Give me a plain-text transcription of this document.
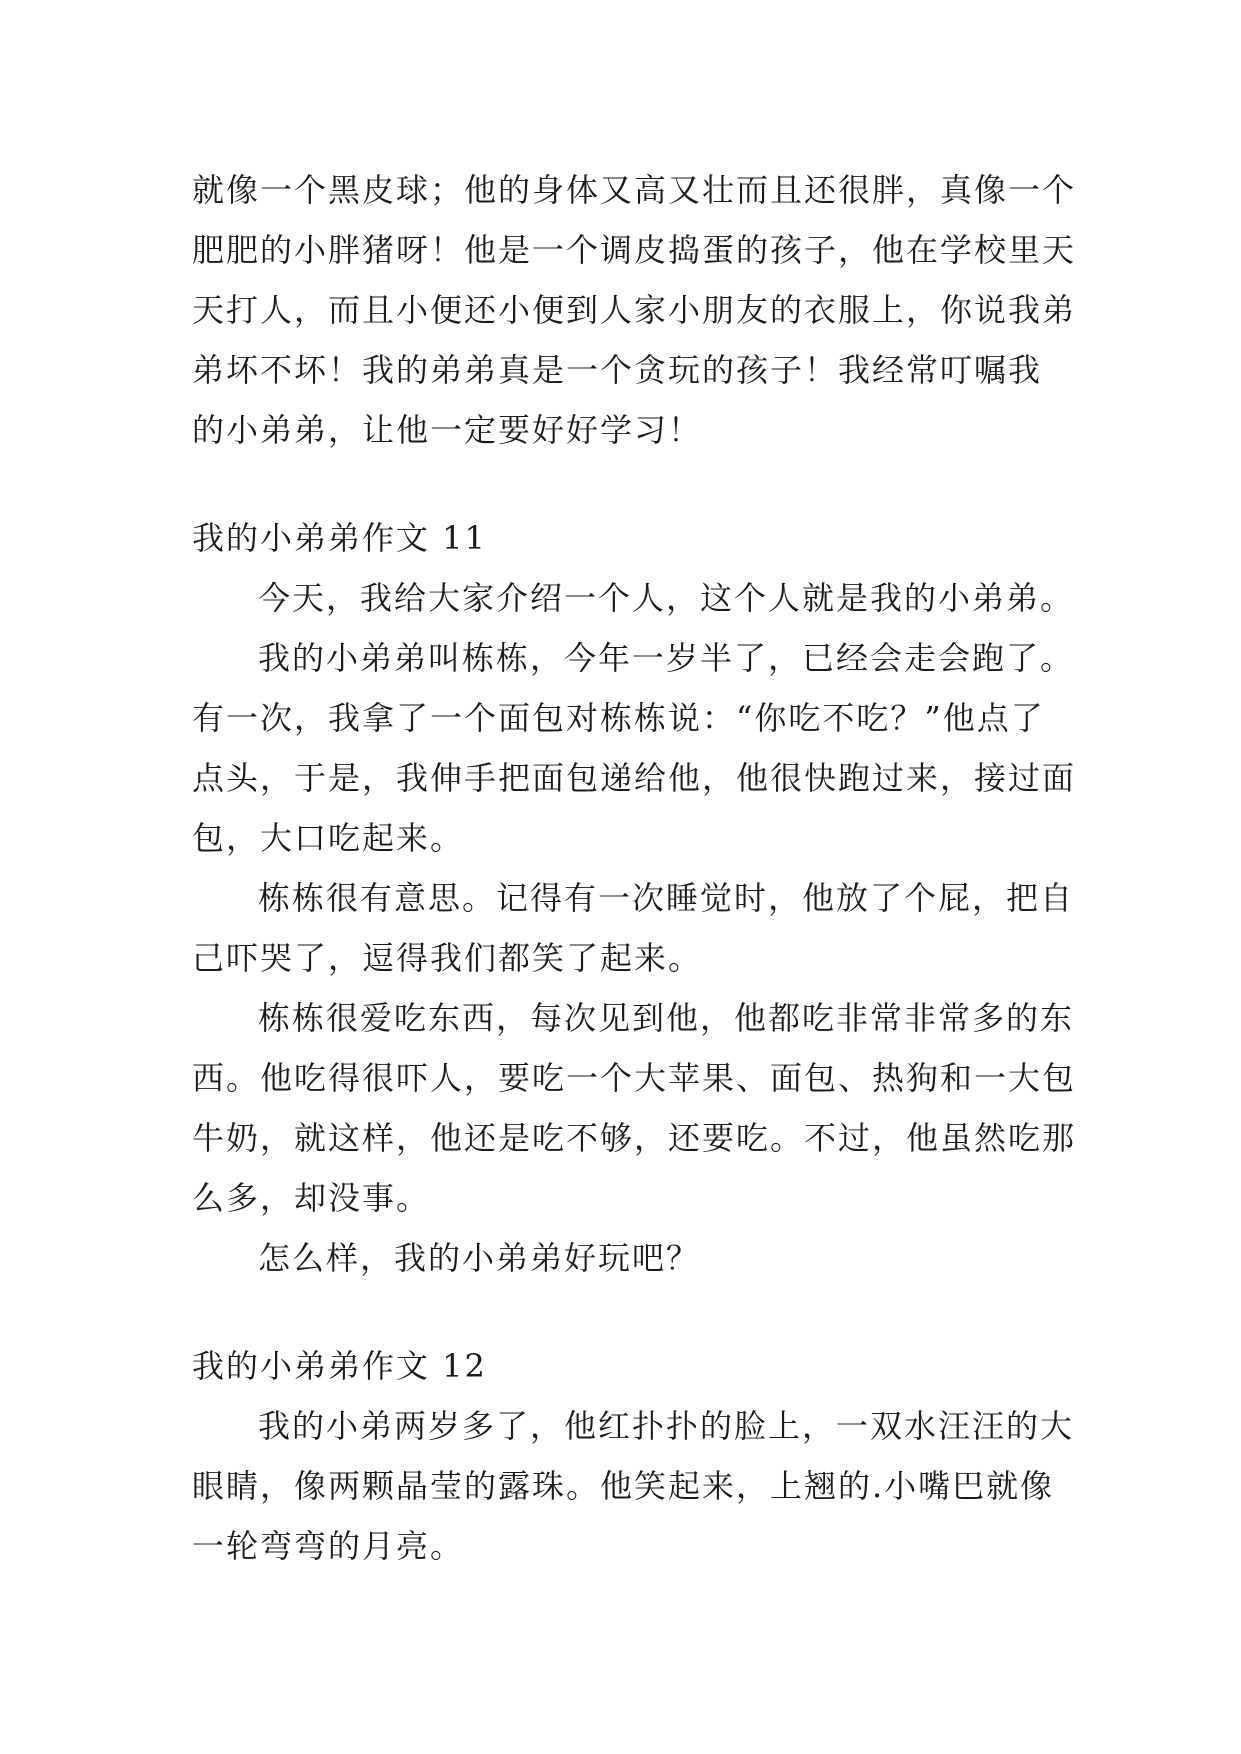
就像一个黑皮球；他的身体又高又壮而且还很胖，真像一个
肥肥的小胖猪呀！他是一个调皮捣蛋的孩子，他在学校里天
天打人，而且小便还小便到人家小朋友的衣服上，你说我弟
弟坏不坏！我的弟弟真是一个贪玩的孩子！我经常叮嘱我
的小弟弟，让他一定要好好学习！
我的小弟弟作文 11
今天，我给大家介绍一个人，这个人就是我的小弟弟。
我的小弟弟叫栋栋，今年一岁半了，已经会走会跑了。
有一次，我拿了一个面包对栋栋说：“你吃不吃？”他点了
点头，于是，我伸手把面包递给他，他很快跑过来，接过面
包，大口吃起来。
栋栋很有意思。记得有一次睡觉时，他放了个屁，把自
己吓哭了，逗得我们都笑了起来。
栋栋很爱吃东西，每次见到他，他都吃非常非常多的东
西。他吃得很吓人，要吃一个大苹果、面包、热狗和一大包
牛奶，就这样，他还是吃不够，还要吃。不过，他虽然吃那
么多，却没事。
怎么样，我的小弟弟好玩吧？
我的小弟弟作文 12
我的小弟两岁多了，他红扑扑的脸上，一双水汪汪的大
眼睛，像两颗晶莹的露珠。他笑起来，上翘的.小嘴巴就像
一轮弯弯的月亮。
